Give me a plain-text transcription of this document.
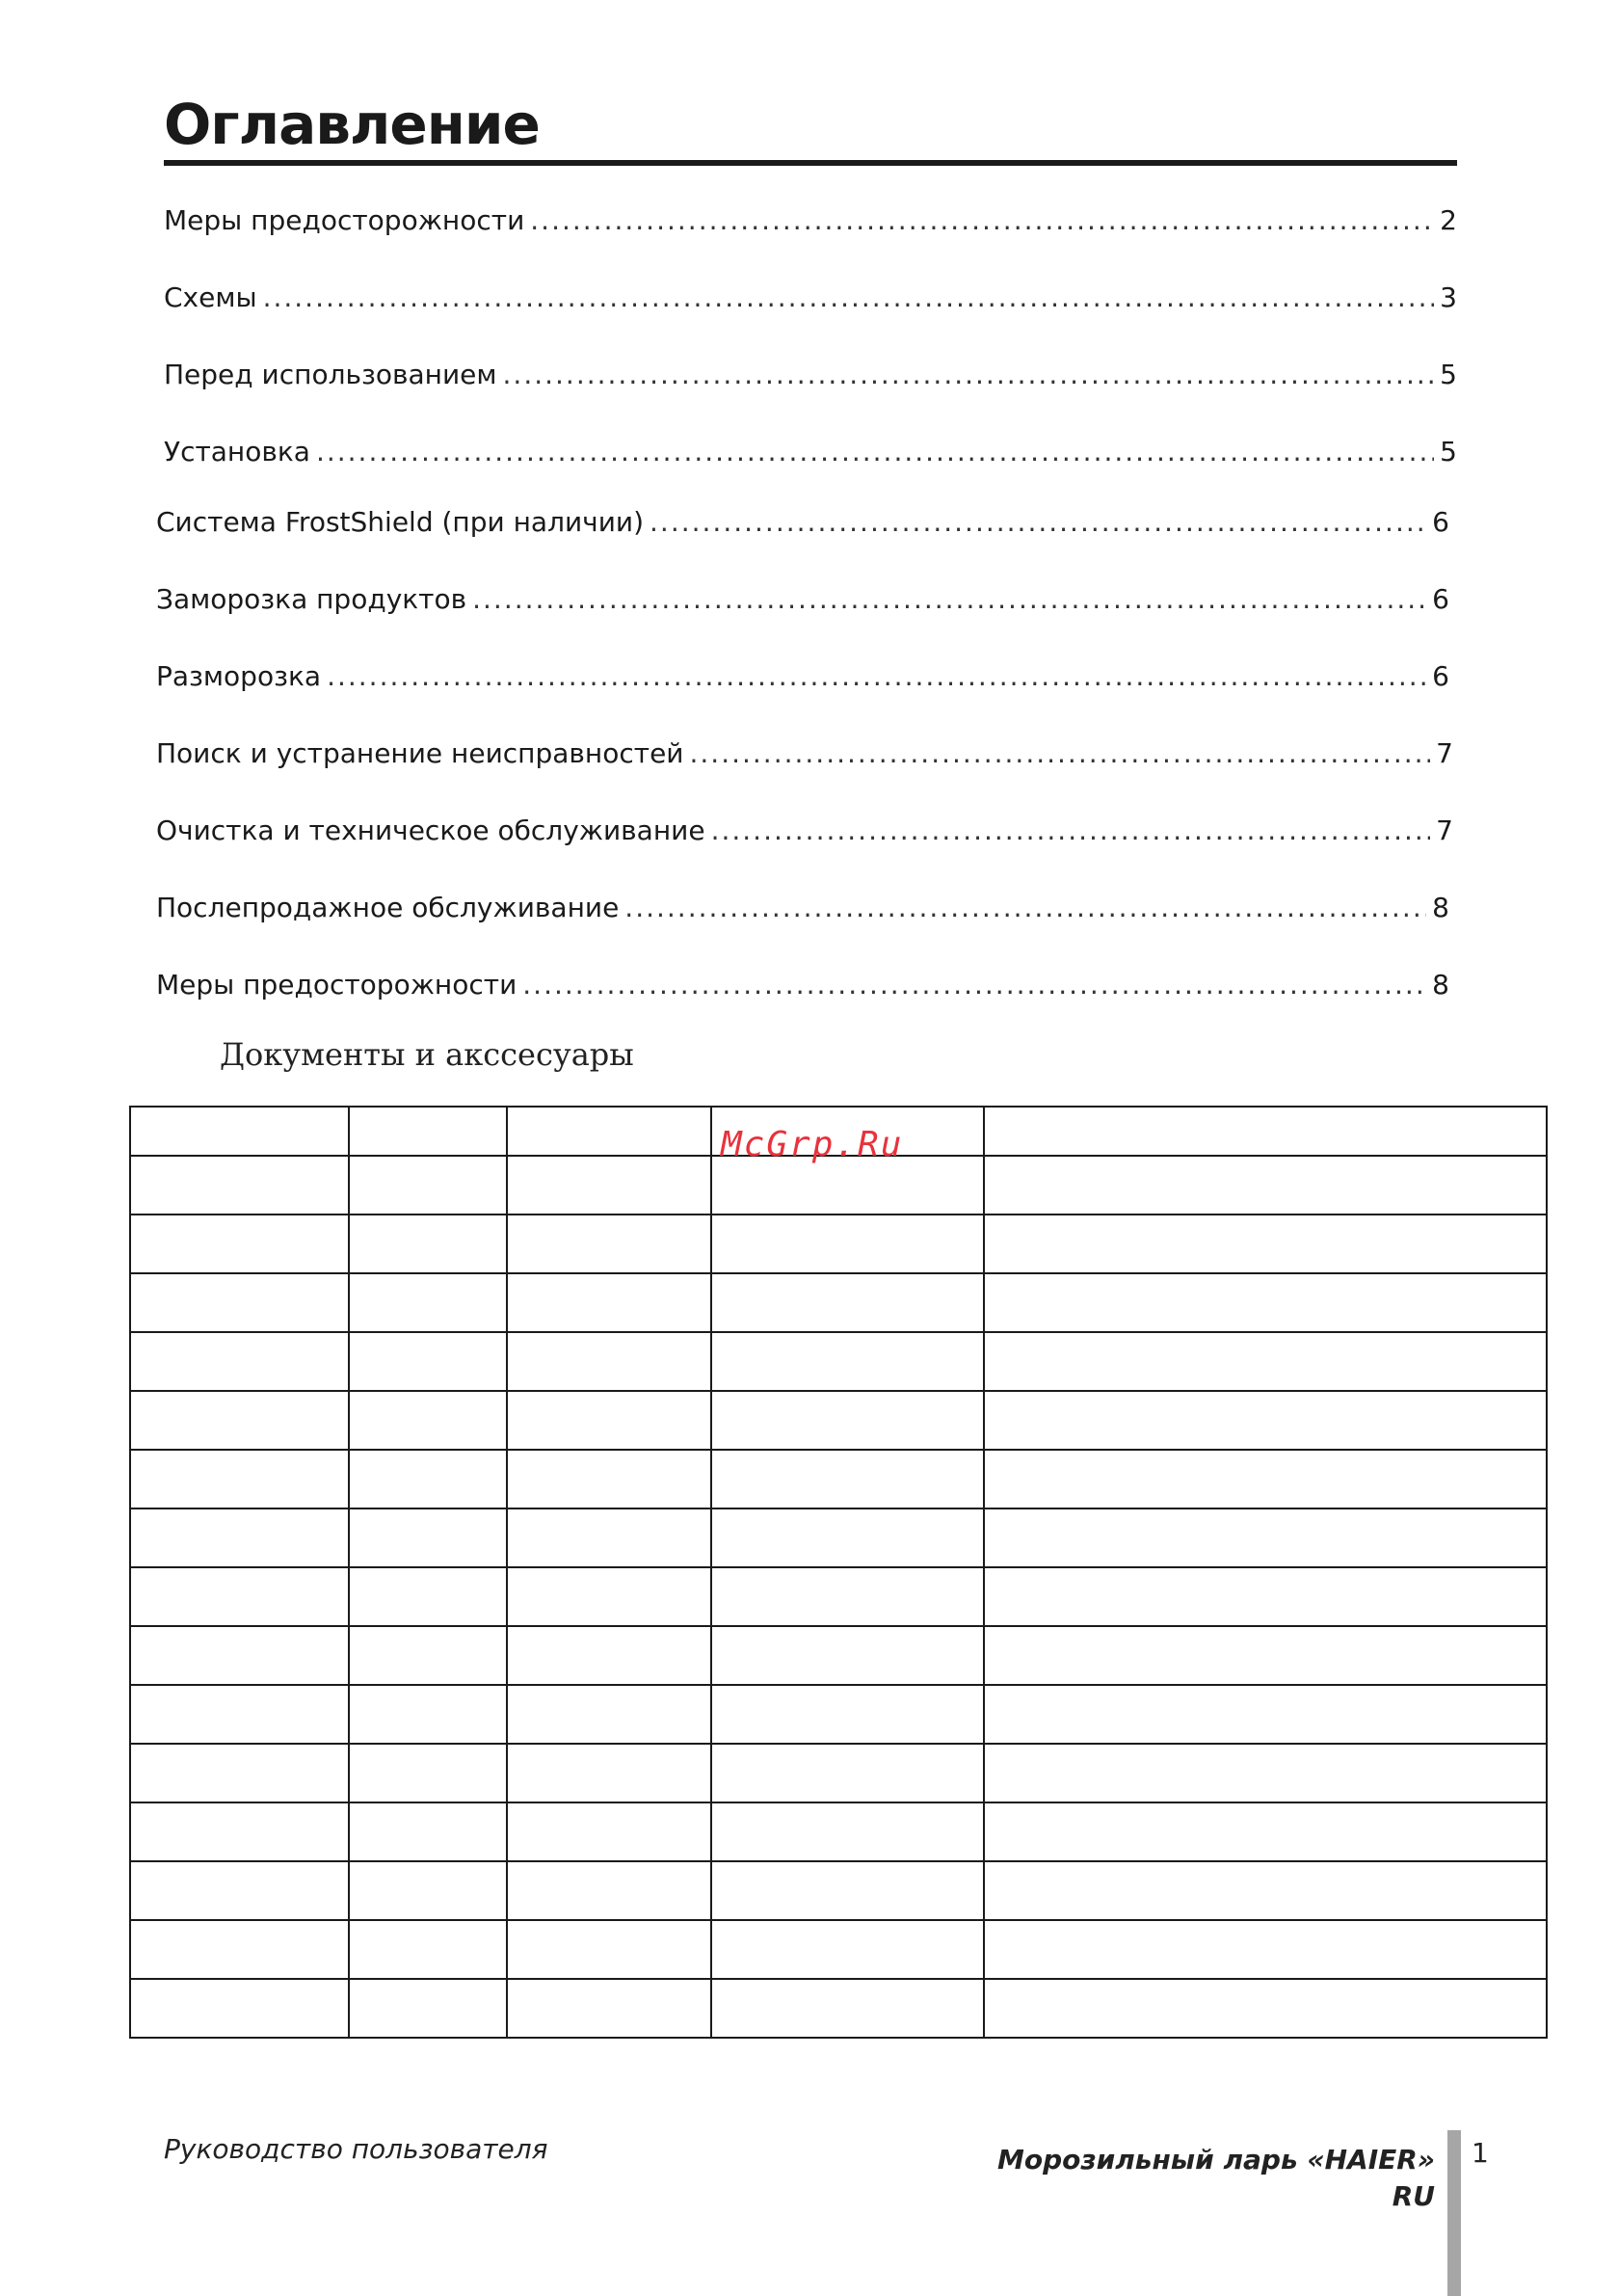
Оглавление
Меры предосторожности .....	2
Схемы .....	3
Перед использованием .....	5
Установка .....	5
Система FrostShield (при наличии) .....	6
Заморозка продуктов .....	6
Разморозка .....	6
Поиск и устранение неисправностей .....	7
Очистка и техническое обслуживание .....	7
Послепродажное обслуживание .....	8
Меры предосторожности .....	8
Документы и акссесуары

McGrp.Ru
Руководство пользователя	Морозильный ларь «HAIER»
RU
1
